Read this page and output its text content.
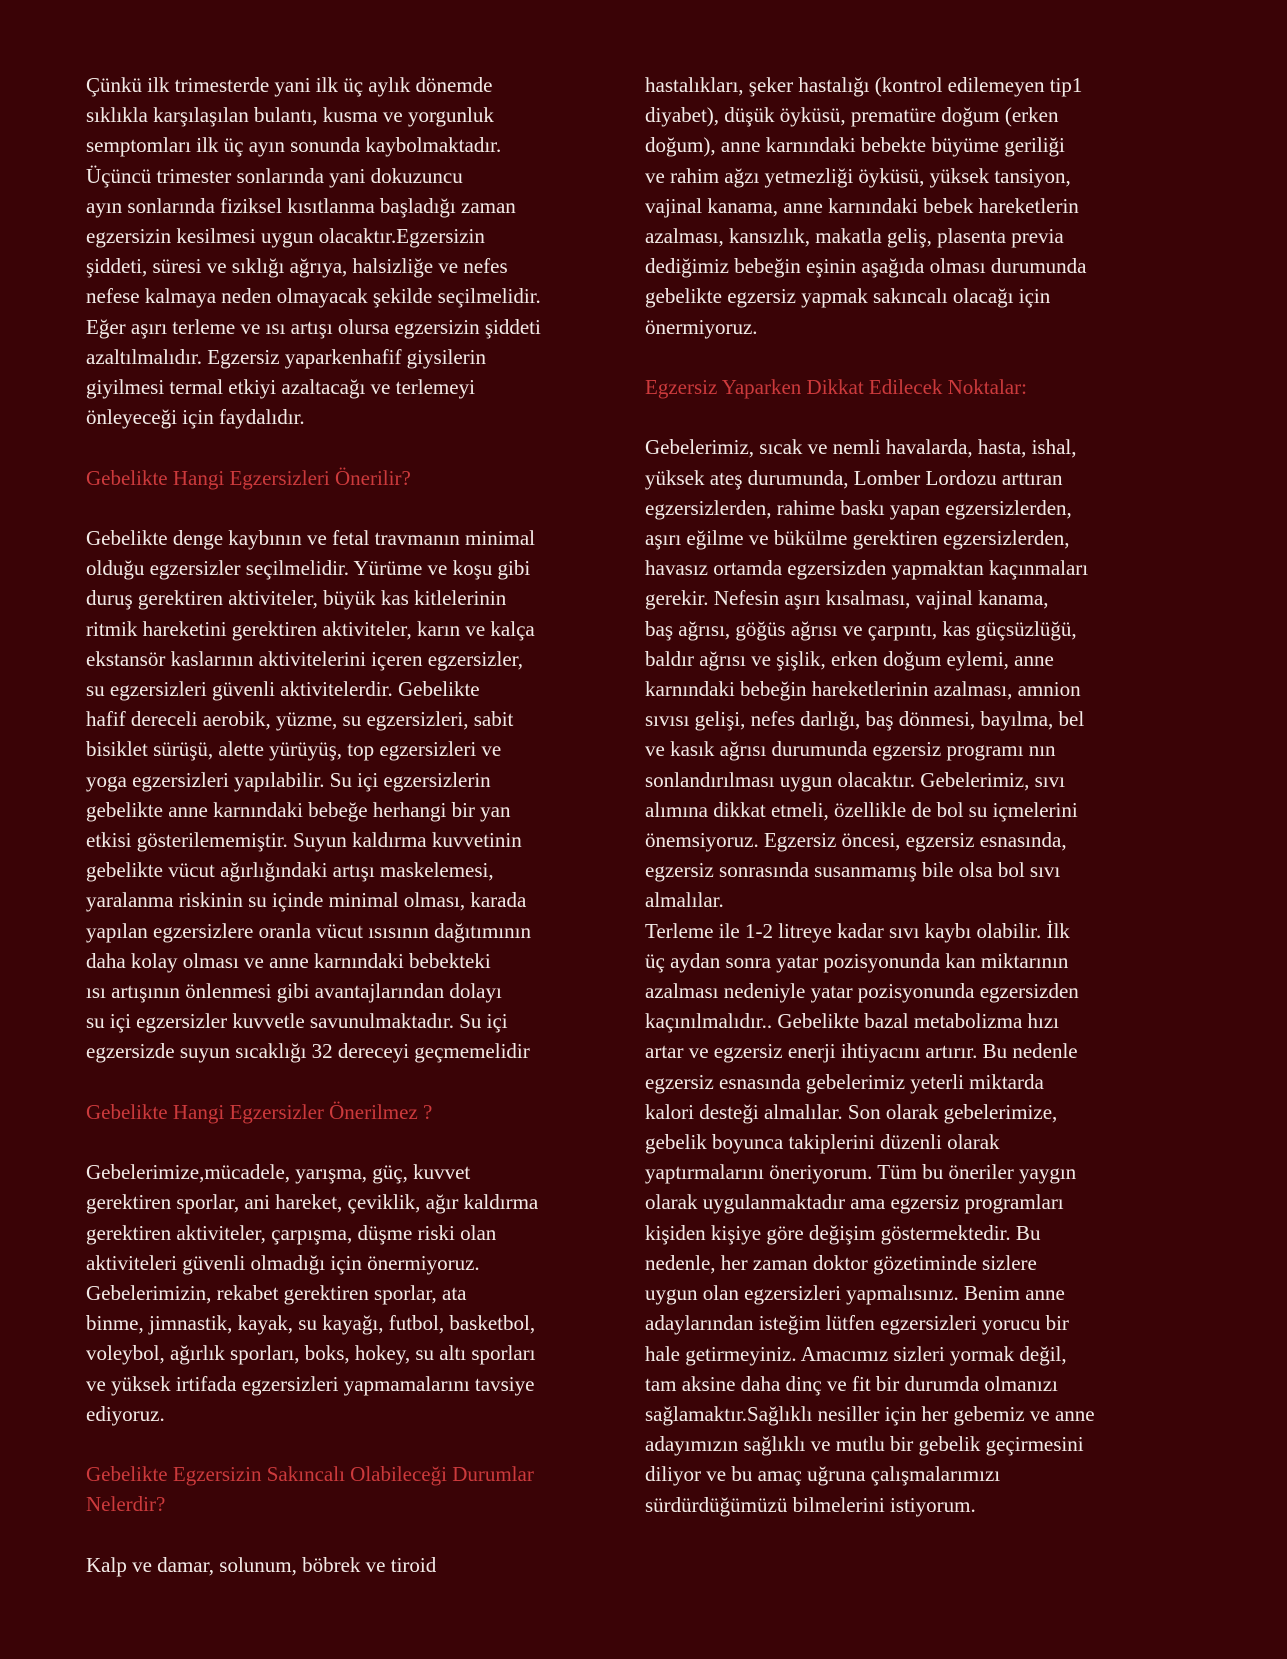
Çünkü ilk trimesterde yani ilk üç aylık dönemde
sıklıkla karşılaşılan bulantı, kusma ve yorgunluk
semptomları ilk üç ayın sonunda kaybolmaktadır.
Üçüncü trimester sonlarında yani dokuzuncu
ayın sonlarında fiziksel kısıtlanma başladığı zaman
egzersizin kesilmesi uygun olacaktır.Egzersizin
şiddeti, süresi ve sıklığı ağrıya, halsizliğe ve nefes
nefese kalmaya neden olmayacak şekilde seçilmelidir.
Eğer aşırı terleme ve ısı artışı olursa egzersizin şiddeti
azaltılmalıdır. Egzersiz yaparkenhafif giysilerin
giyilmesi termal etkiyi azaltacağı ve terlemeyi
önleyeceği için faydalıdır.

Gebelikte Hangi Egzersizleri Önerilir?

Gebelikte denge kaybının ve fetal travmanın minimal
olduğu egzersizler seçilmelidir. Yürüme ve koşu gibi
duruş gerektiren aktiviteler, büyük kas kitlelerinin
ritmik hareketini gerektiren aktiviteler, karın ve kalça
ekstansör kaslarının aktivitelerini içeren egzersizler,
su egzersizleri güvenli aktivitelerdir. Gebelikte
hafif dereceli aerobik, yüzme, su egzersizleri, sabit
bisiklet sürüşü, alette yürüyüş, top egzersizleri ve
yoga egzersizleri yapılabilir. Su içi egzersizlerin
gebelikte anne karnındaki bebeğe herhangi bir yan
etkisi gösterilememiştir. Suyun kaldırma kuvvetinin
gebelikte vücut ağırlığındaki artışı maskelemesi,
yaralanma riskinin su içinde minimal olması, karada
yapılan egzersizlere oranla vücut ısısının dağıtımının
daha kolay olması ve anne karnındaki bebekteki
ısı artışının önlenmesi gibi avantajlarından dolayı
su içi egzersizler kuvvetle savunulmaktadır. Su içi
egzersizde suyun sıcaklığı 32 dereceyi geçmemelidir

Gebelikte Hangi Egzersizler Önerilmez ?

Gebelerimize,mücadele, yarışma, güç, kuvvet
gerektiren sporlar, ani hareket, çeviklik, ağır kaldırma
gerektiren aktiviteler, çarpışma, düşme riski olan
aktiviteleri güvenli olmadığı için önermiyoruz.
Gebelerimizin, rekabet gerektiren sporlar, ata
binme, jimnastik, kayak, su kayağı, futbol, basketbol,
voleybol, ağırlık sporları, boks, hokey, su altı sporları
ve yüksek irtifada egzersizleri yapmamalarını tavsiye
ediyoruz.

Gebelikte Egzersizin Sakıncalı Olabileceği Durumlar
Nelerdir?

Kalp ve damar, solunum, böbrek ve tiroid

hastalıkları, şeker hastalığı (kontrol edilemeyen tip1
diyabet), düşük öyküsü, prematüre doğum (erken
doğum), anne karnındaki bebekte büyüme geriliği
ve rahim ağzı yetmezliği öyküsü, yüksek tansiyon,
vajinal kanama, anne karnındaki bebek hareketlerin
azalması, kansızlık, makatla geliş, plasenta previa
dediğimiz bebeğin eşinin aşağıda olması durumunda
gebelikte egzersiz yapmak sakıncalı olacağı için
önermiyoruz.

Egzersiz Yaparken Dikkat Edilecek Noktalar:

Gebelerimiz, sıcak ve nemli havalarda, hasta, ishal,
yüksek ateş durumunda, Lomber Lordozu arttıran
egzersizlerden, rahime baskı yapan egzersizlerden,
aşırı eğilme ve bükülme gerektiren egzersizlerden,
havasız ortamda egzersizden yapmaktan kaçınmaları
gerekir. Nefesin aşırı kısalması, vajinal kanama,
baş ağrısı, göğüs ağrısı ve çarpıntı, kas güçsüzlüğü,
baldır ağrısı ve şişlik, erken doğum eylemi, anne
karnındaki bebeğin hareketlerinin azalması, amnion
sıvısı gelişi, nefes darlığı, baş dönmesi, bayılma, bel
ve kasık ağrısı durumunda egzersiz programı nın
sonlandırılması uygun olacaktır. Gebelerimiz, sıvı
alımına dikkat etmeli, özellikle de bol su içmelerini
önemsiyoruz. Egzersiz öncesi, egzersiz esnasında,
egzersiz sonrasında susanmamış bile olsa bol sıvı
almalılar.
Terleme ile 1-2 litreye kadar sıvı kaybı olabilir. İlk
üç aydan sonra yatar pozisyonunda kan miktarının
azalması nedeniyle yatar pozisyonunda egzersizden
kaçınılmalıdır.. Gebelikte bazal metabolizma hızı
artar ve egzersiz enerji ihtiyacını artırır. Bu nedenle
egzersiz esnasında gebelerimiz yeterli miktarda
kalori desteği almalılar. Son olarak gebelerimize,
gebelik boyunca takiplerini düzenli olarak
yaptırmalarını öneriyorum. Tüm bu öneriler yaygın
olarak uygulanmaktadır ama egzersiz programları
kişiden kişiye göre değişim göstermektedir. Bu
nedenle, her zaman doktor gözetiminde sizlere
uygun olan egzersizleri yapmalısınız. Benim anne
adaylarından isteğim lütfen egzersizleri yorucu bir
hale getirmeyiniz. Amacımız sizleri yormak değil,
tam aksine daha dinç ve fit bir durumda olmanızı
sağlamaktır.Sağlıklı nesiller için her gebemiz ve anne
adayımızın sağlıklı ve mutlu bir gebelik geçirmesini
diliyor ve bu amaç uğruna çalışmalarımızı
sürdürdüğümüzü bilmelerini istiyorum.
